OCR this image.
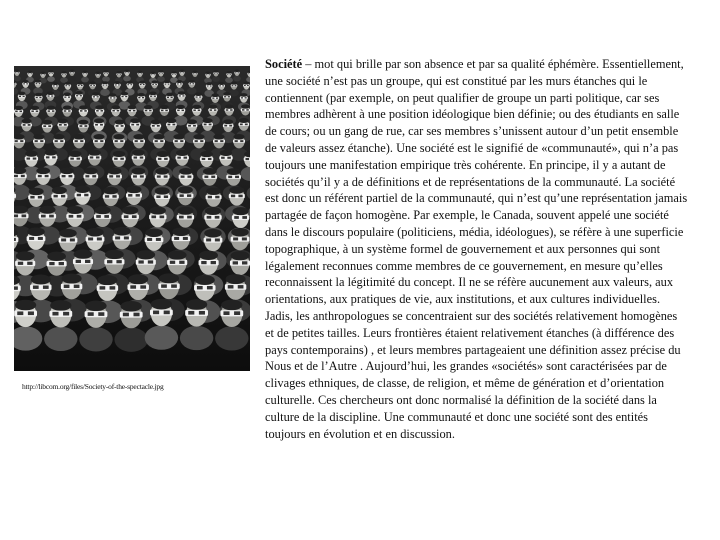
http://libcom.org/files/Society-of-the-spectacle.jpg

Société – mot qui brille par son absence et par sa qualité éphémère. Essentiellement, une société n’est pas un groupe, qui est constitué par les murs étanches qui le contiennent (par exemple, on peut qualifier de groupe un parti politique, car ses membres adhèrent à une position idéologique bien définie; ou des étudiants en salle de cours; ou un gang de rue, car ses membres s’unissent autour d’un petit ensemble de valeurs assez étanche). Une société est le signifié de «communauté», qui n’a pas toujours une manifestation empirique très cohérente. En principe, il y a autant de sociétés qu’il y a de définitions et de représentations de la communauté. La société est donc un référent partiel de la communauté, qui n’est qu’une représentation jamais partagée de façon homogène. Par exemple, le Canada, souvent appelé une société dans le discours populaire (politiciens, média, idéologues), se réfère à une superficie topographique, à un système formel de gouvernement et aux personnes qui sont légalement reconnues comme membres de ce gouvernement, en mesure qu’elles reconnaissent la légitimité du concept. Il ne se réfère aucunement aux valeurs, aux orientations, aux pratiques de vie, aux institutions, et aux cultures individuelles. Jadis, les anthropologues se concentraient sur des sociétés relativement homogènes et de petites tailles. Leurs frontières étaient relativement étanches (à différence des pays contemporains) , et leurs membres partageaient une définition assez précise du Nous et de l’Autre . Aujourd’hui, les grandes «sociétés» sont caractérisées par de clivages ethniques, de classe, de religion, et même de génération et d’orientation culturelle. Ces chercheurs ont donc normalisé la définition de la société dans la culture de la discipline. Une communauté et donc une société sont des entités toujours en évolution et en discussion.
